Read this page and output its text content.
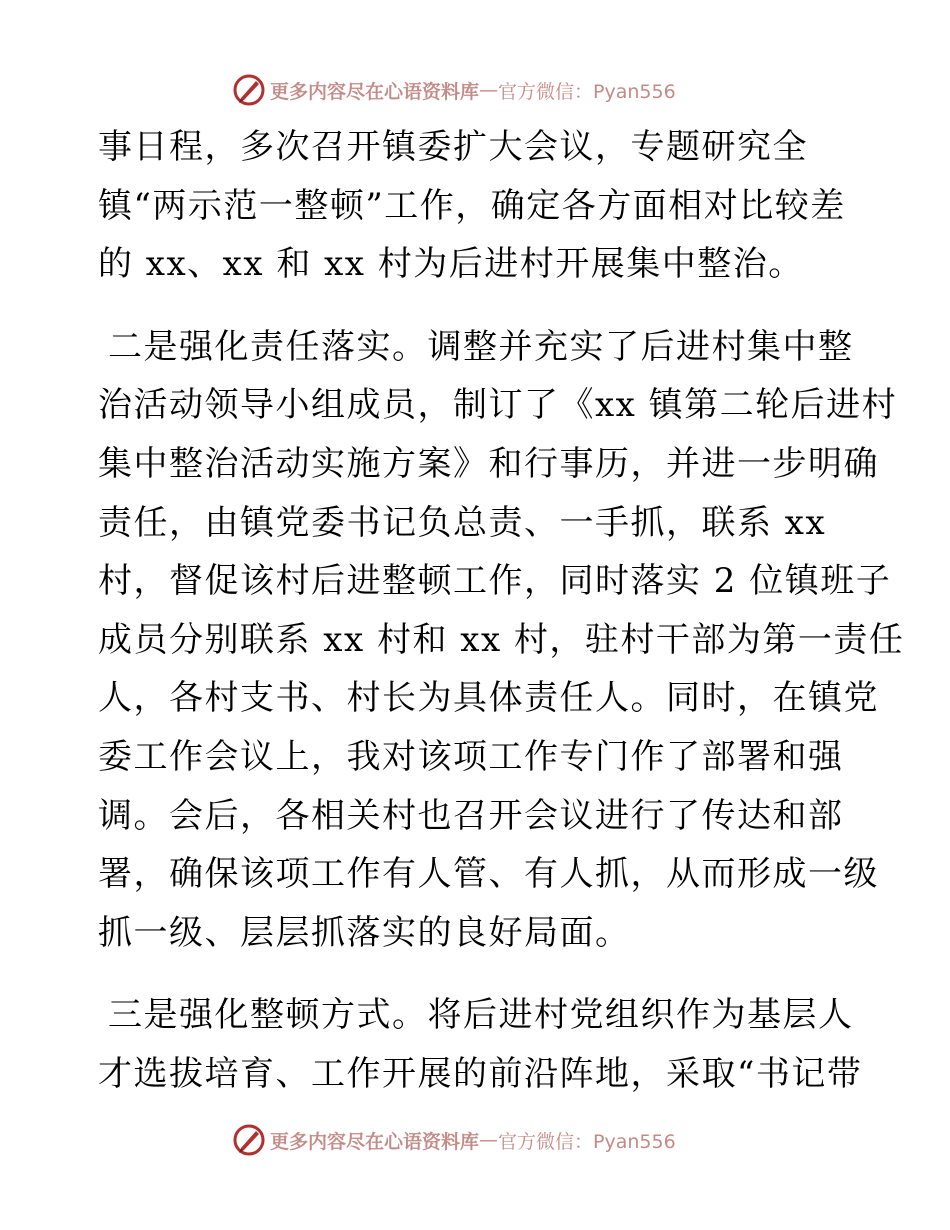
更多内容尽在心语资料库 — 官方微信：Pyan556
事日程，多次召开镇委扩大会议，专题研究全
镇“两示范一整顿”工作，确定各方面相对比较差
的 xx、xx 和 xx 村为后进村开展集中整治。
二是强化责任落实。调整并充实了后进村集中整
治活动领导小组成员，制订了《xx 镇第二轮后进村
集中整治活动实施方案》和行事历，并进一步明确
责任，由镇党委书记负总责、一手抓，联系 xx
村，督促该村后进整顿工作，同时落实 2 位镇班子
成员分别联系 xx 村和 xx 村，驻村干部为第一责任
人，各村支书、村长为具体责任人。同时，在镇党
委工作会议上，我对该项工作专门作了部署和强
调。会后，各相关村也召开会议进行了传达和部
署，确保该项工作有人管、有人抓，从而形成一级
抓一级、层层抓落实的良好局面。
三是强化整顿方式。将后进村党组织作为基层人
才选拔培育、工作开展的前沿阵地，采取“书记带
更多内容尽在心语资料库 — 官方微信：Pyan556
